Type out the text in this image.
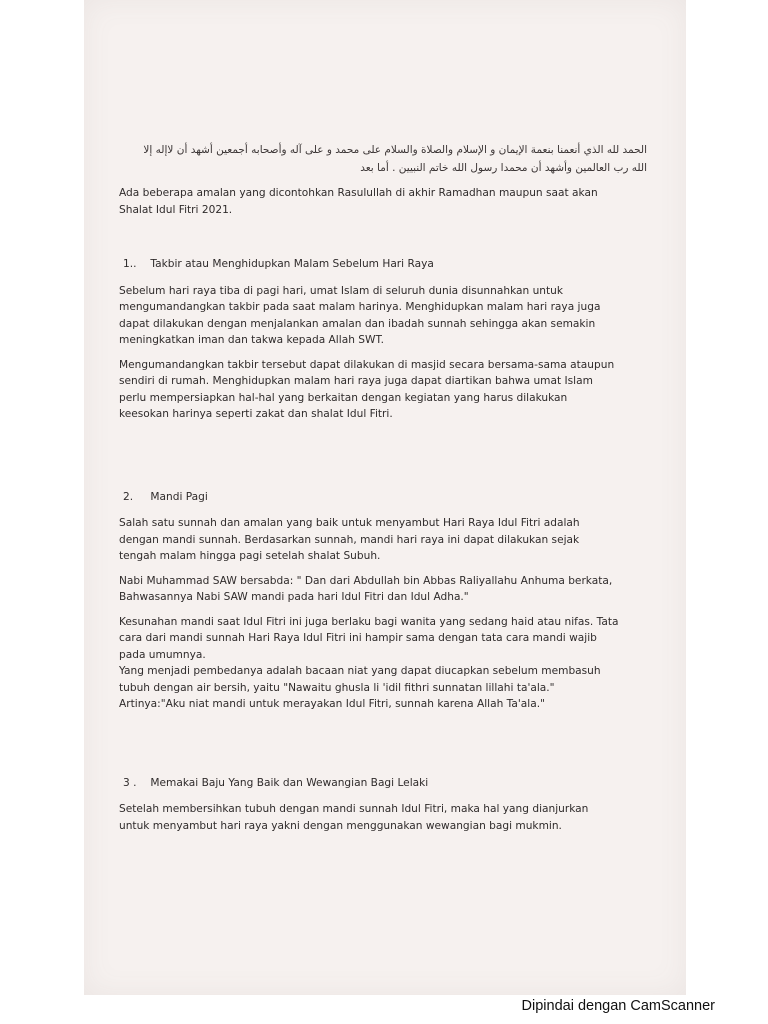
الحمد لله الذي أنعمنا بنعمة الإيمان و الإسلام والصلاة والسلام على محمد و على آله وأصحابه أجمعين أشهد أن لاإله إلا
الله رب العالمين وأشهد أن محمدا رسول الله خاتم النبيين . أما بعد

Ada beberapa amalan yang dicontohkan Rasulullah di akhir Ramadhan maupun saat akan
Shalat Idul Fitri 2021.

1.. Takbir atau Menghidupkan Malam Sebelum Hari Raya

Sebelum hari raya tiba di pagi hari, umat Islam di seluruh dunia disunnahkan untuk
mengumandangkan takbir pada saat malam harinya. Menghidupkan malam hari raya juga
dapat dilakukan dengan menjalankan amalan dan ibadah sunnah sehingga akan semakin
meningkatkan iman dan takwa kepada Allah SWT.

Mengumandangkan takbir tersebut dapat dilakukan di masjid secara bersama-sama ataupun
sendiri di rumah. Menghidupkan malam hari raya juga dapat diartikan bahwa umat Islam
perlu mempersiapkan hal-hal yang berkaitan dengan kegiatan yang harus dilakukan
keesokan harinya seperti zakat dan shalat Idul Fitri.

2. Mandi Pagi

Salah satu sunnah dan amalan yang baik untuk menyambut Hari Raya Idul Fitri adalah
dengan mandi sunnah. Berdasarkan sunnah, mandi hari raya ini dapat dilakukan sejak
tengah malam hingga pagi setelah shalat Subuh.

Nabi Muhammad SAW bersabda: " Dan dari Abdullah bin Abbas Raliyallahu Anhuma berkata,
Bahwasannya Nabi SAW mandi pada hari Idul Fitri dan Idul Adha."

Kesunahan mandi saat Idul Fitri ini juga berlaku bagi wanita yang sedang haid atau nifas. Tata
cara dari mandi sunnah Hari Raya Idul Fitri ini hampir sama dengan tata cara mandi wajib
pada umumnya.
Yang menjadi pembedanya adalah bacaan niat yang dapat diucapkan sebelum membasuh
tubuh dengan air bersih, yaitu "Nawaitu ghusla li 'idil fithri sunnatan lillahi ta'ala."
Artinya:"Aku niat mandi untuk merayakan Idul Fitri, sunnah karena Allah Ta'ala."

3 . Memakai Baju Yang Baik dan Wewangian Bagi Lelaki

Setelah membersihkan tubuh dengan mandi sunnah Idul Fitri, maka hal yang dianjurkan
untuk menyambut hari raya yakni dengan menggunakan wewangian bagi mukmin.

Dipindai dengan CamScanner
